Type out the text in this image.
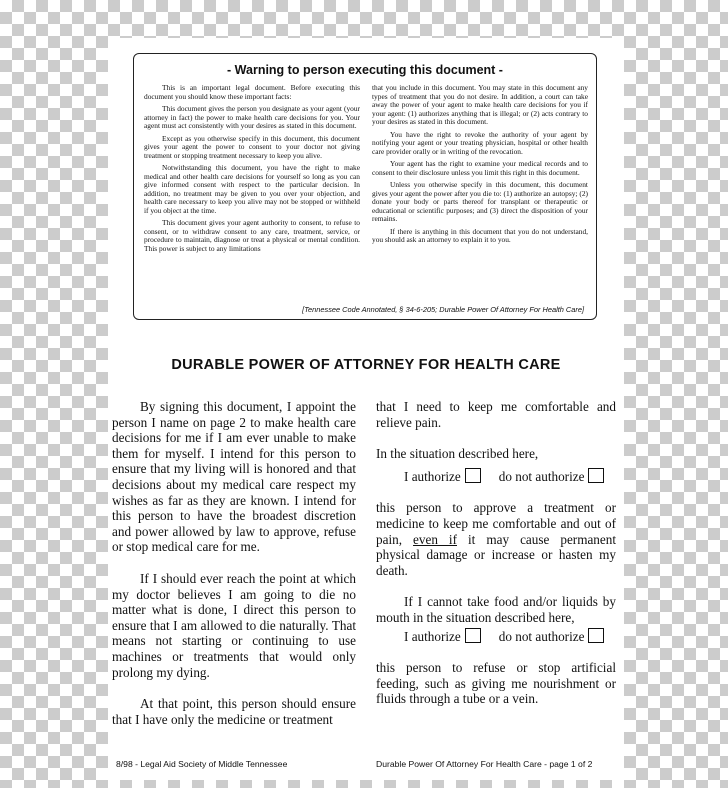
- Warning to person executing this document -

This is an important legal document. Before executing this document you should know these important facts:

This document gives the person you designate as your agent (your attorney in fact) the power to make health care decisions for you. Your agent must act consistently with your desires as stated in this document.

Except as you otherwise specify in this document, this document gives your agent the power to consent to your doctor not giving treatment or stopping treatment necessary to keep you alive.

Notwithstanding this document, you have the right to make medical and other health care decisions for yourself so long as you can give informed consent with respect to the particular decision. In addition, no treatment may be given to you over your objection, and health care necessary to keep you alive may not be stopped or withheld if you object at the time.

This document gives your agent authority to consent, to refuse to consent, or to withdraw consent to any care, treatment, service, or procedure to maintain, diagnose or treat a physical or mental condition. This power is subject to any limitations

that you include in this document. You may state in this document any types of treatment that you do not desire. In addition, a court can take away the power of your agent to make health care decisions for you if your agent: (1) authorizes anything that is illegal; or (2) acts contrary to your desires as stated in this document.

You have the right to revoke the authority of your agent by notifying your agent or your treating physician, hospital or other health care provider orally or in writing of the revocation.

Your agent has the right to examine your medical records and to consent to their disclosure unless you limit this right in this document.

Unless you otherwise specify in this document, this document gives your agent the power after you die to: (1) authorize an autopsy; (2) donate your body or parts thereof for transplant or therapeutic or educational or scientific purposes; and (3) direct the disposition of your remains.

If there is anything in this document that you do not understand, you should ask an attorney to explain it to you.

[Tennessee Code Annotated, § 34-6-205; Durable Power Of Attorney For Health Care]
DURABLE POWER OF ATTORNEY FOR HEALTH CARE

By signing this document, I appoint the person I name on page 2 to make health care decisions for me if I am ever unable to make them for myself. I intend for this person to ensure that my living will is honored and that decisions about my medical care respect my wishes as far as they are known. I intend for this person to have the broadest discretion and power allowed by law to approve, refuse or stop medical care for me.

If I should ever reach the point at which my doctor believes I am going to die no matter what is done, I direct this person to ensure that I am allowed to die naturally. That means not starting or continuing to use machines or treatments that would only prolong my dying.

At that point, this person should ensure that I have only the medicine or treatment

that I need to keep me comfortable and relieve pain.

In the situation described here,

I authorize	do not authorize

this person to approve a treatment or medicine to keep me comfortable and out of pain, even if it may cause permanent physical damage or increase or hasten my death.

If I cannot take food and/or liquids by mouth in the situation described here,

I authorize	do not authorize

this person to refuse or stop artificial feeding, such as giving me nourishment or fluids through a tube or a vein.

8/98 - Legal Aid Society of Middle Tennessee	Durable Power Of Attorney For Health Care - page 1 of 2
